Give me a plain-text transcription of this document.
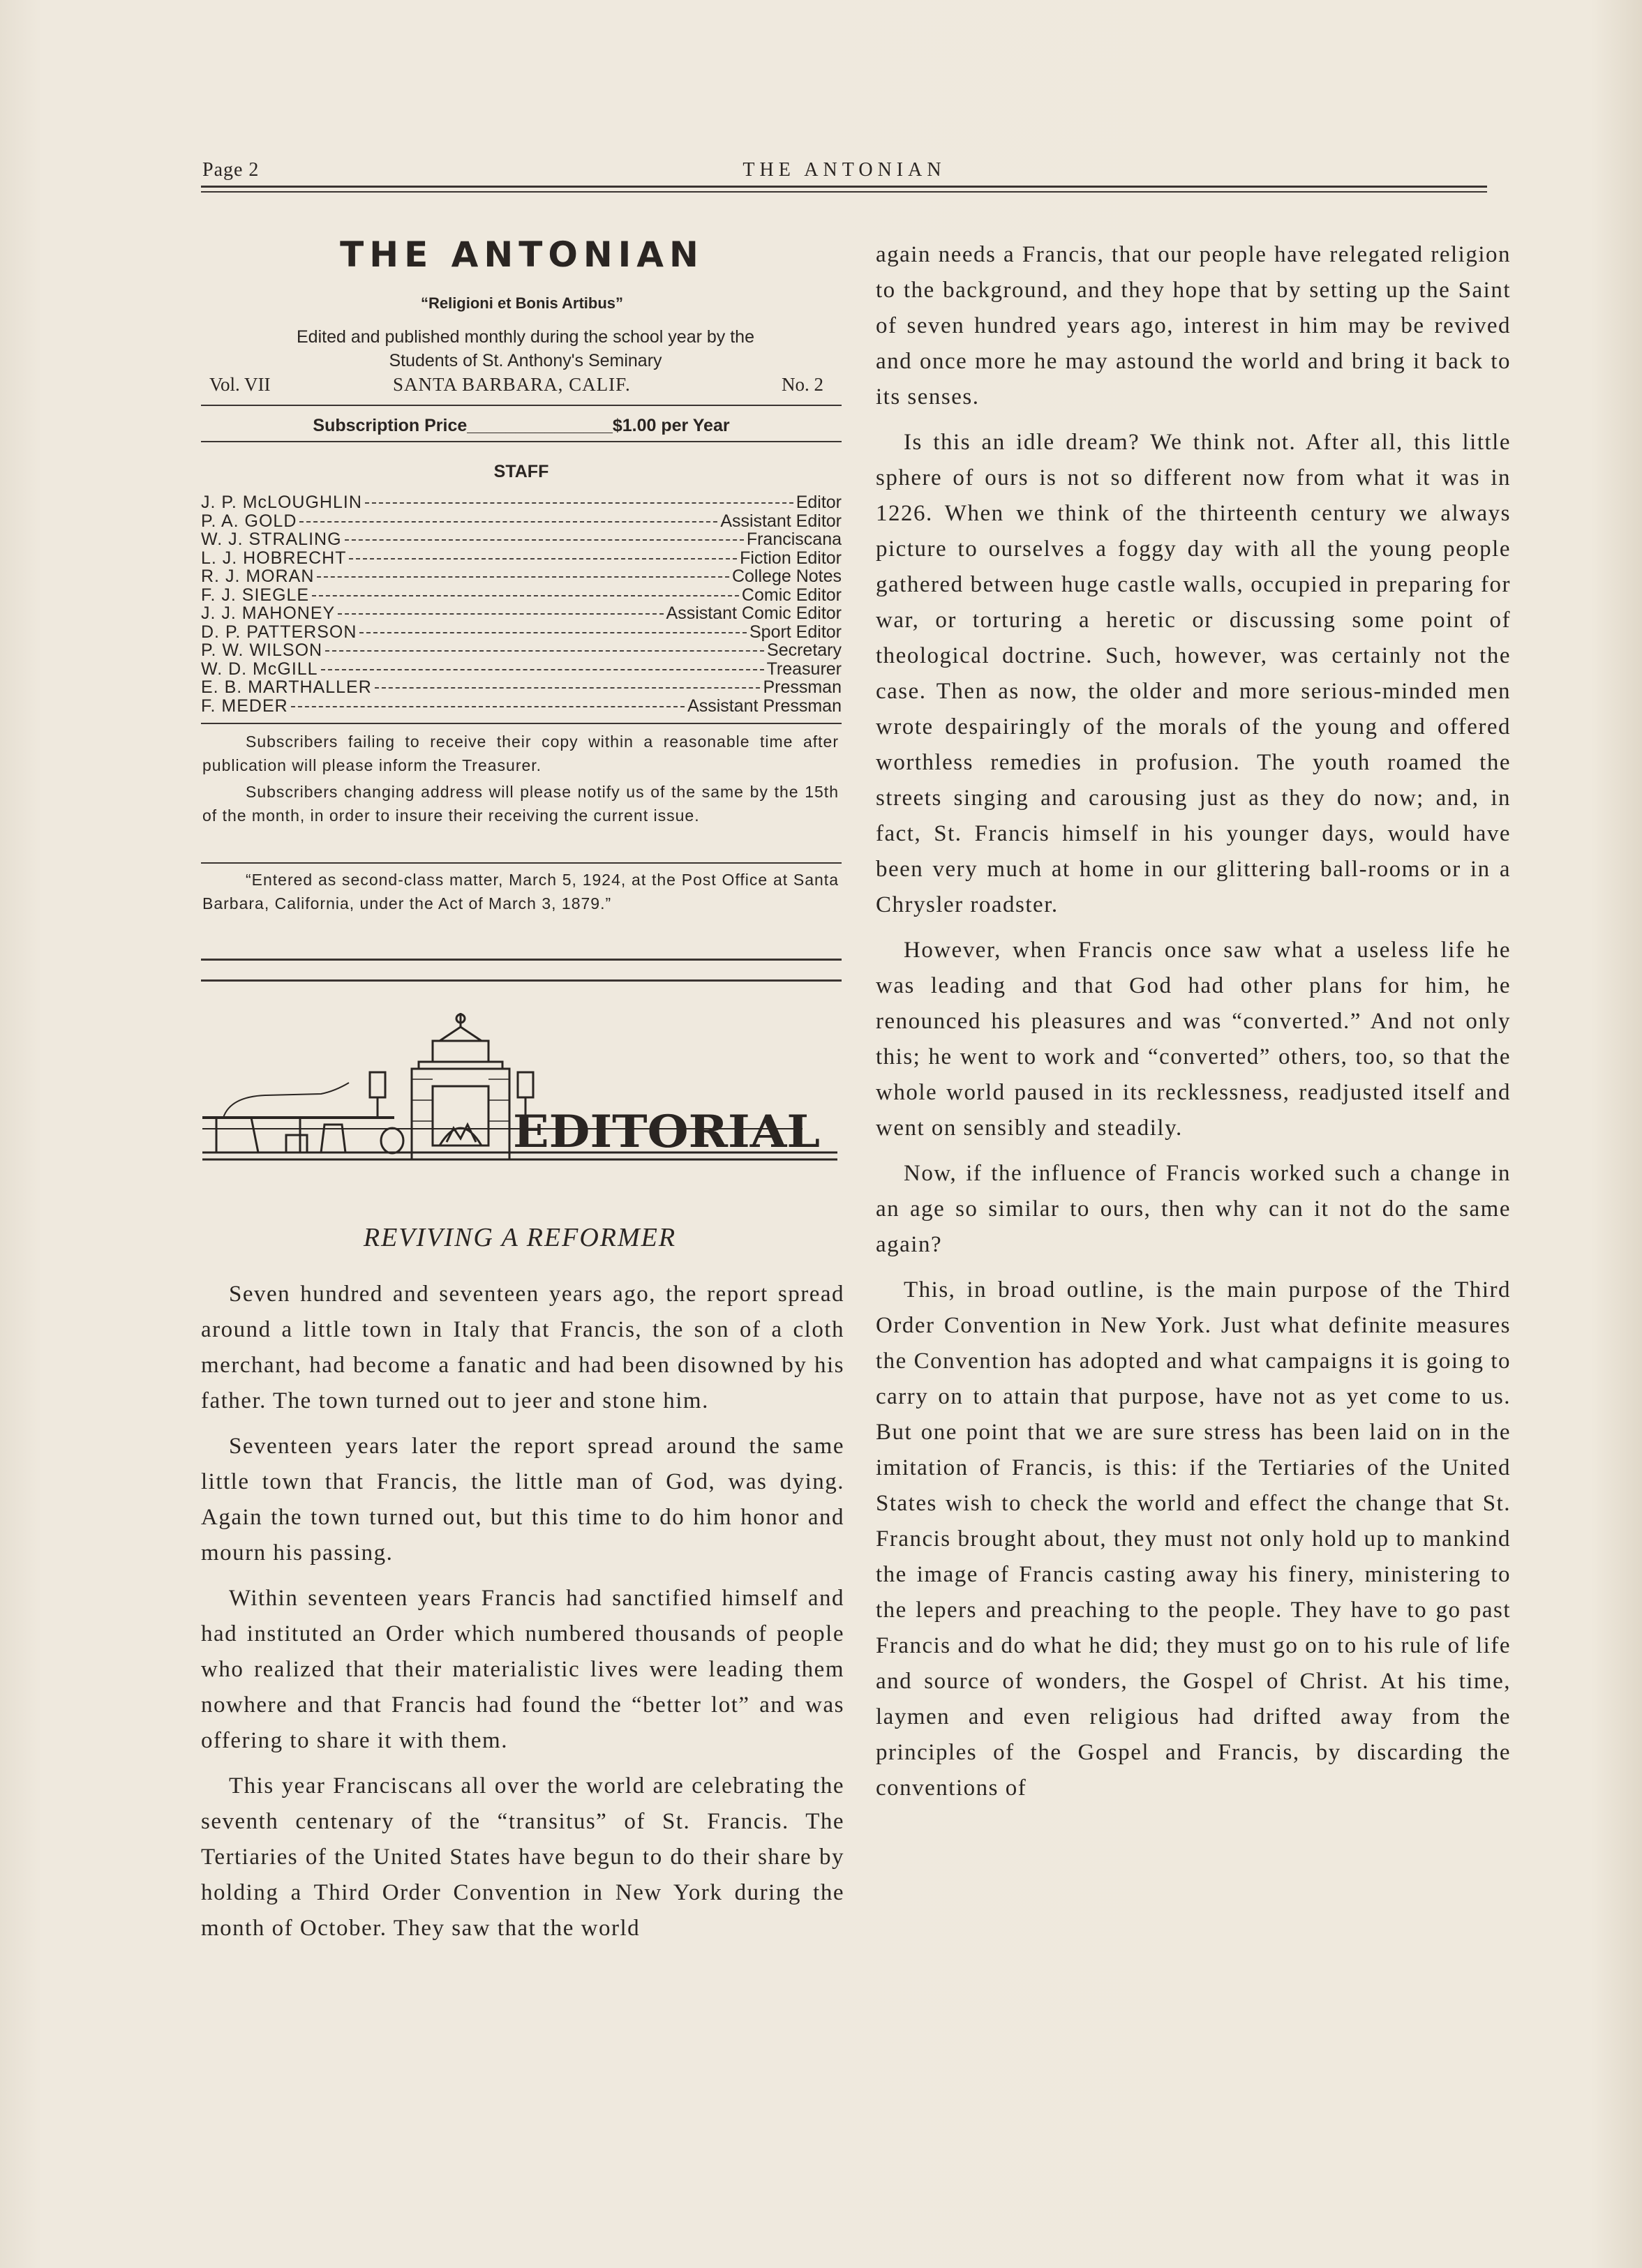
Page 2	THE ANTONIAN
THE ANTONIAN
“Religioni et Bonis Artibus”
Edited and published monthly during the school year by the
Students of St. Anthony's Seminary
Vol. VII	SANTA BARBARA, CALIF.	No. 2
Subscription Price_______________$1.00 per Year
STAFF
J. P. McLOUGHLIN	Editor
P. A. GOLD	Assistant Editor
W. J. STRALING	Franciscana
L. J. HOBRECHT	Fiction Editor
R. J. MORAN	College Notes
F. J. SIEGLE	Comic Editor
J. J. MAHONEY	Assistant Comic Editor
D. P. PATTERSON	Sport Editor
P. W. WILSON	Secretary
W. D. McGILL	Treasurer
E. B. MARTHALLER	Pressman
F. MEDER	Assistant Pressman

Subscribers failing to receive their copy within a reasonable time after publication will please inform the Treasurer.

Subscribers changing address will please notify us of the same by the 15th of the month, in order to insure their receiving the current issue.

“Entered as second-class matter, March 5, 1924, at the Post Office at Santa Barbara, California, under the Act of March 3, 1879.”

EDITORIAL
REVIVING A REFORMER

Seven hundred and seventeen years ago, the report spread around a little town in Italy that Francis, the son of a cloth merchant, had become a fanatic and had been disowned by his father. The town turned out to jeer and stone him.

Seventeen years later the report spread around the same little town that Francis, the little man of God, was dying. Again the town turned out, but this time to do him honor and mourn his passing.

Within seventeen years Francis had sanctified himself and had instituted an Order which numbered thousands of people who realized that their materialistic lives were leading them nowhere and that Francis had found the “better lot” and was offering to share it with them.

This year Franciscans all over the world are celebrating the seventh centenary of the “transitus” of St. Francis. The Tertiaries of the United States have begun to do their share by holding a Third Order Convention in New York during the month of October. They saw that the world

again needs a Francis, that our people have relegated religion to the background, and they hope that by setting up the Saint of seven hundred years ago, interest in him may be revived and once more he may astound the world and bring it back to its senses.

Is this an idle dream? We think not. After all, this little sphere of ours is not so different now from what it was in 1226. When we think of the thirteenth century we always picture to ourselves a foggy day with all the young people gathered between huge castle walls, occupied in preparing for war, or torturing a heretic or discussing some point of theological doctrine. Such, however, was certainly not the case. Then as now, the older and more serious-minded men wrote despairingly of the morals of the young and offered worthless remedies in profusion. The youth roamed the streets singing and carousing just as they do now; and, in fact, St. Francis himself in his younger days, would have been very much at home in our glittering ball-rooms or in a Chrysler roadster.

However, when Francis once saw what a useless life he was leading and that God had other plans for him, he renounced his pleasures and was “converted.” And not only this; he went to work and “converted” others, too, so that the whole world paused in its recklessness, readjusted itself and went on sensibly and steadily.

Now, if the influence of Francis worked such a change in an age so similar to ours, then why can it not do the same again?

This, in broad outline, is the main purpose of the Third Order Convention in New York. Just what definite measures the Convention has adopted and what campaigns it is going to carry on to attain that purpose, have not as yet come to us. But one point that we are sure stress has been laid on in the imitation of Francis, is this: if the Tertiaries of the United States wish to check the world and effect the change that St. Francis brought about, they must not only hold up to mankind the image of Francis casting away his finery, ministering to the lepers and preaching to the people. They have to go past Francis and do what he did; they must go on to his rule of life and source of wonders, the Gospel of Christ. At his time, laymen and even religious had drifted away from the principles of the Gospel and Francis, by discarding the conventions of
